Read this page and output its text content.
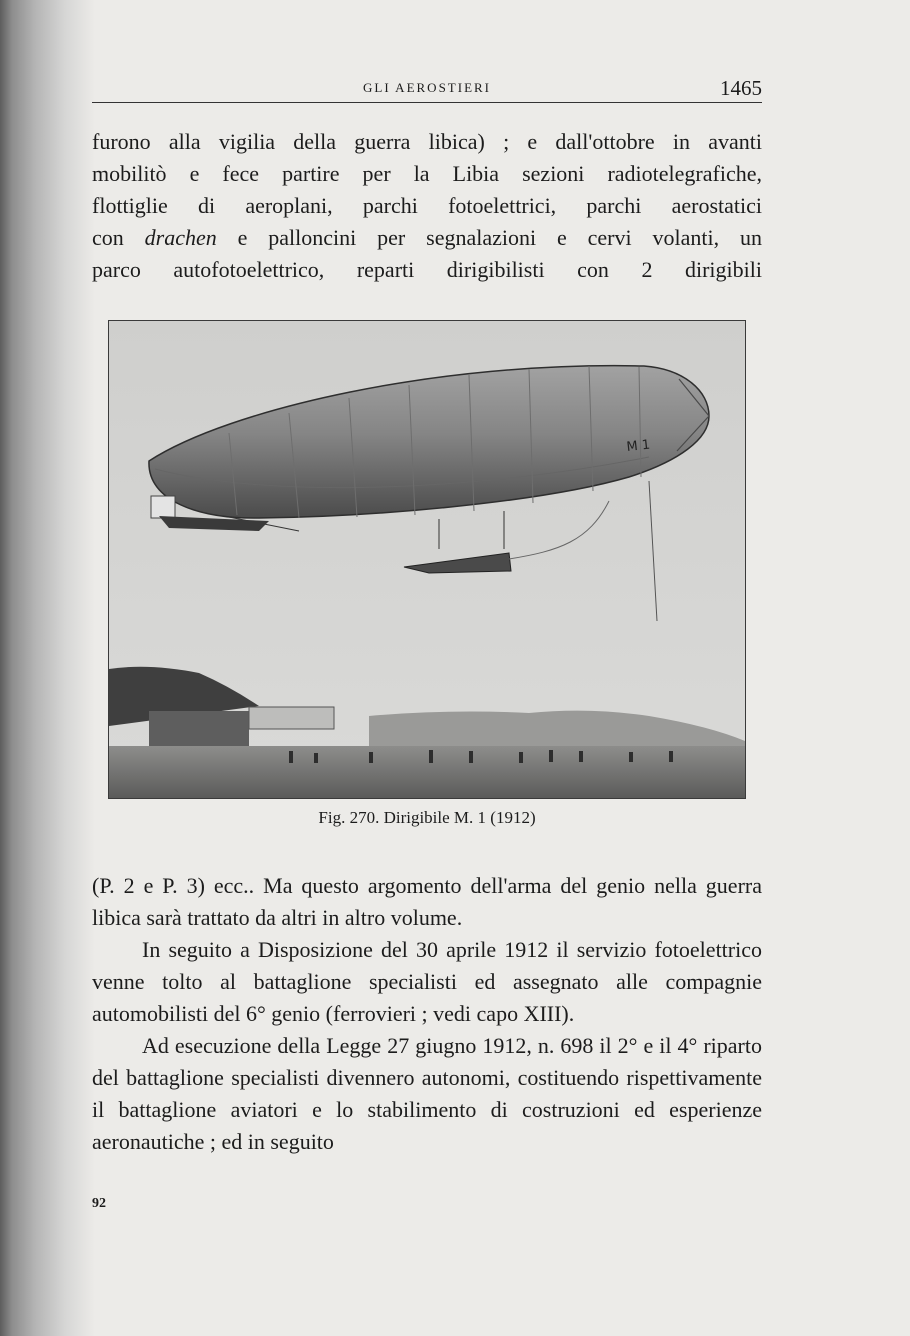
GLI AEROSTIERI	1465

furono alla vigilia della guerra libica) ; e dall'ottobre in avanti

mobilitò e fece partire per la Libia sezioni radiotelegrafiche,

flottiglie di aeroplani, parchi fotoelettrici, parchi aerostatici

con drachen e palloncini per segnalazioni e cervi volanti, un

parco autofotoelettrico, reparti dirigibilisti con 2 dirigibili

M 1
Fig. 270. Dirigibile M. 1 (1912)

(P. 2 e P. 3) ecc.. Ma questo argomento dell'arma del genio nella guerra libica sarà trattato da altri in altro volume.

In seguito a Disposizione del 30 aprile 1912 il servizio fotoelettrico venne tolto al battaglione specialisti ed assegnato alle compagnie automobilisti del 6° genio (ferrovieri ; vedi capo XIII).

Ad esecuzione della Legge 27 giugno 1912, n. 698 il 2° e il 4° riparto del battaglione specialisti divennero autonomi, costituendo rispettivamente il battaglione aviatori e lo stabilimento di costruzioni ed esperienze aeronautiche ; ed in seguito

92
